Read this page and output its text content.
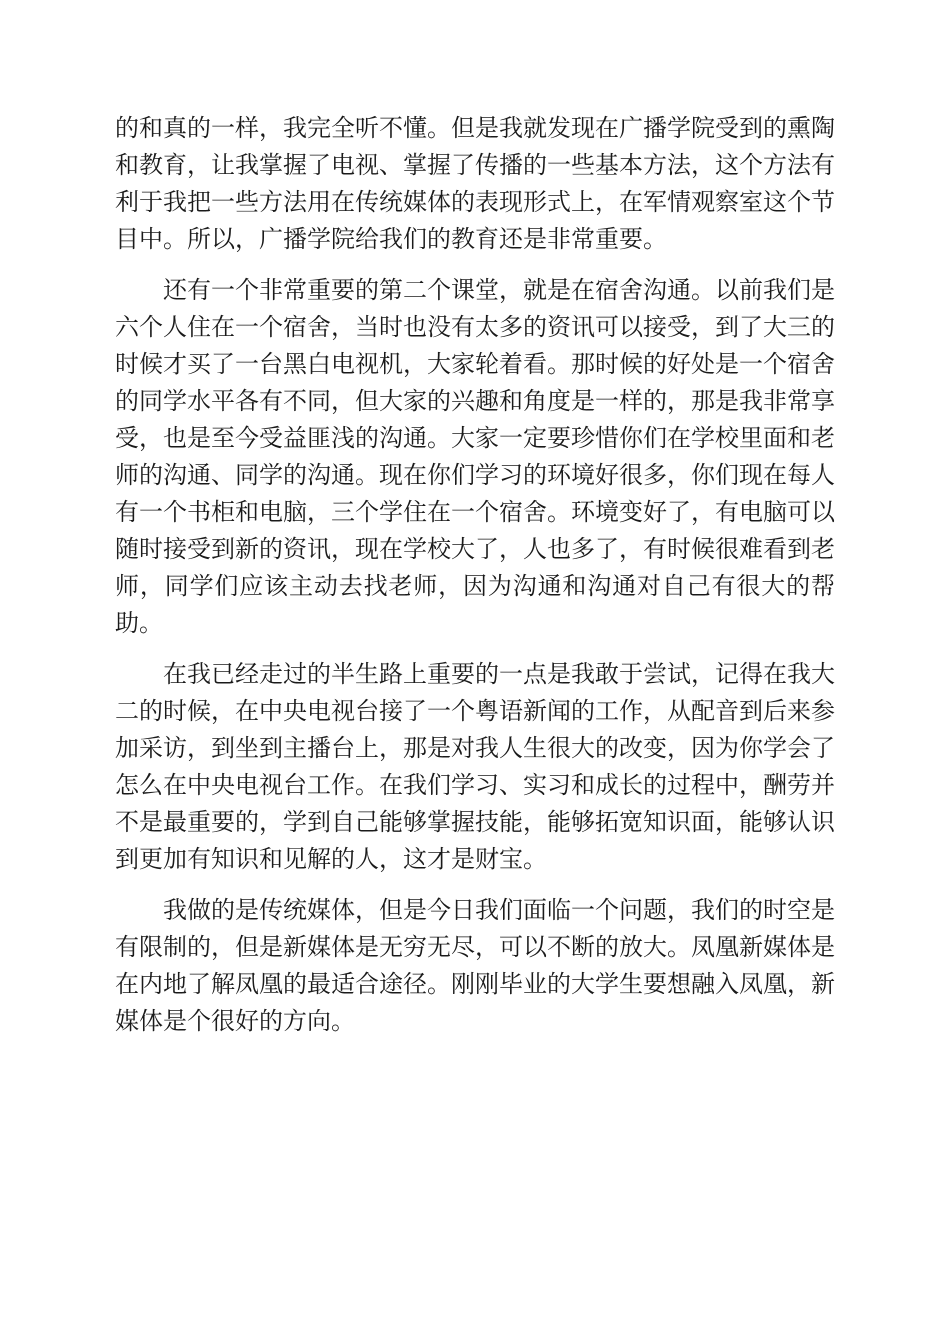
的和真的一样，我完全听不懂。但是我就发现在广播学院受到的熏陶和教育，让我掌握了电视、掌握了传播的一些基本方法，这个方法有利于我把一些方法用在传统媒体的表现形式上，在军情观察室这个节目中。所以，广播学院给我们的教育还是非常重要。

还有一个非常重要的第二个课堂，就是在宿舍沟通。以前我们是六个人住在一个宿舍，当时也没有太多的资讯可以接受，到了大三的时候才买了一台黑白电视机，大家轮着看。那时候的好处是一个宿舍的同学水平各有不同，但大家的兴趣和角度是一样的，那是我非常享受，也是至今受益匪浅的沟通。大家一定要珍惜你们在学校里面和老师的沟通、同学的沟通。现在你们学习的环境好很多，你们现在每人有一个书柜和电脑，三个学住在一个宿舍。环境变好了，有电脑可以随时接受到新的资讯，现在学校大了，人也多了，有时候很难看到老师，同学们应该主动去找老师，因为沟通和沟通对自己有很大的帮助。

在我已经走过的半生路上重要的一点是我敢于尝试，记得在我大二的时候，在中央电视台接了一个粤语新闻的工作，从配音到后来参加采访，到坐到主播台上，那是对我人生很大的改变，因为你学会了怎么在中央电视台工作。在我们学习、实习和成长的过程中，酬劳并不是最重要的，学到自己能够掌握技能，能够拓宽知识面，能够认识到更加有知识和见解的人，这才是财宝。

我做的是传统媒体，但是今日我们面临一个问题，我们的时空是有限制的，但是新媒体是无穷无尽，可以不断的放大。凤凰新媒体是在内地了解凤凰的最适合途径。刚刚毕业的大学生要想融入凤凰，新媒体是个很好的方向。
